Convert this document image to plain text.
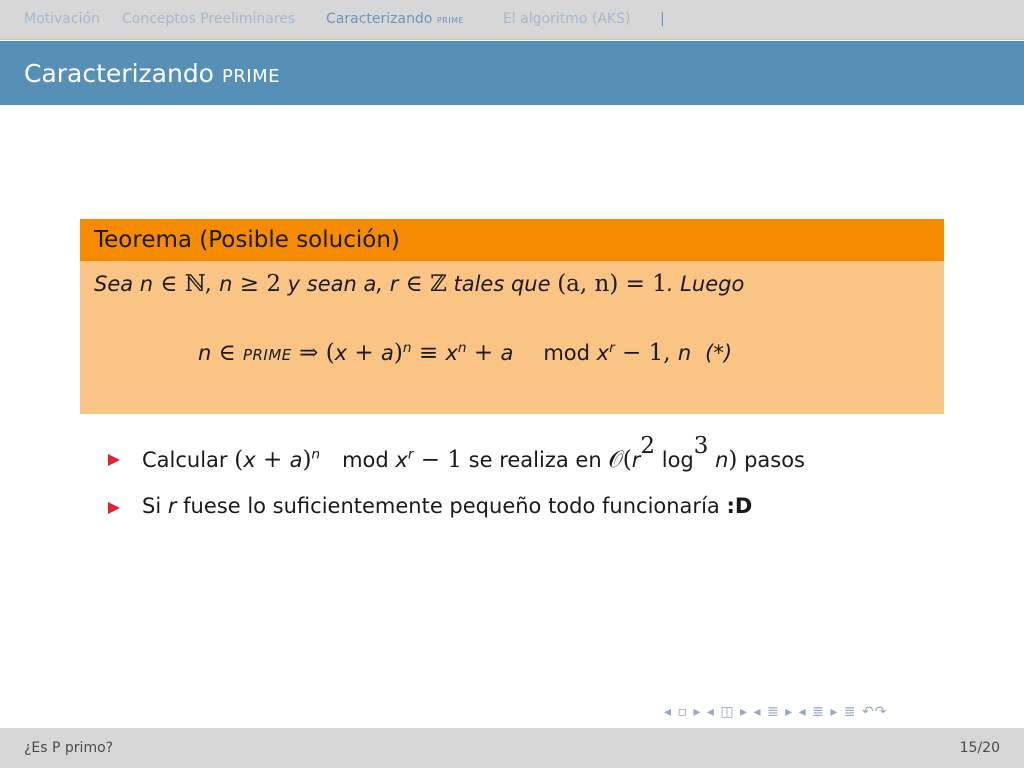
Motivación Conceptos Preeliminares Caracterizando prime	El algoritmo (AKS) |
Caracterizando prime
Teorema (Posible solución)
Sea n ∈ ℕ, n ≥ 2 y sean a, r ∈ ℤ tales que (a, n) = 1. Luego
n ∈ prime ⇒ $(x + a)^n \equiv x^n + a$ mod $x^r - 1$, n (*)
Calcular $(x + a)^n$ mod $x^r - 1$ se realiza en $𝒪(r^2$ $\log^3 n$) pasos
Si r fuese lo suficientemente pequeño todo funcionaría :D
◂ ▫ ▸ ◂ ◫ ▸ ◂ ≣ ▸ ◂ ≣ ▸ ≣ ↶↷
¿Es P primo?	15/20
